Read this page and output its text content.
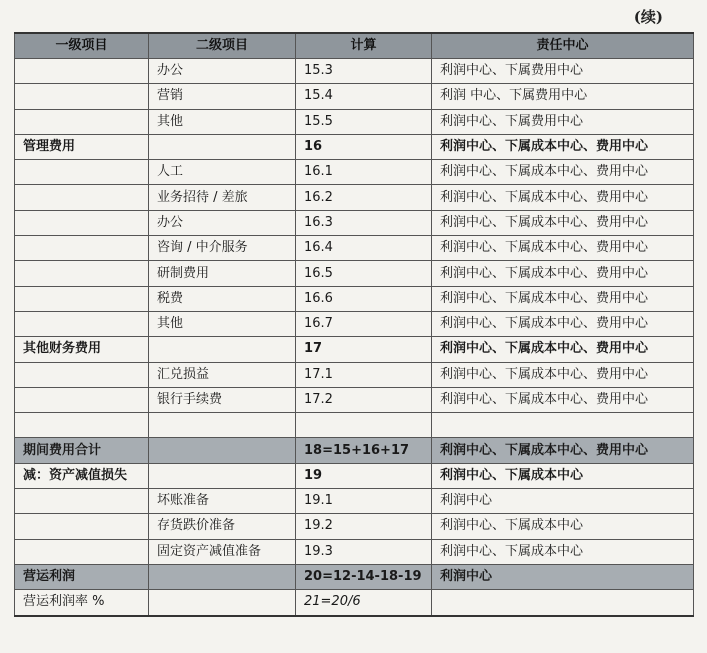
(续)
一级项目	二级项目	计算	责任中心
	办公	15.3	利润中心、下属费用中心
	营销	15.4	利润 中心、下属费用中心
	其他	15.5	利润中心、下属费用中心
管理费用		16	利润中心、下属成本中心、费用中心
	人工	16.1	利润中心、下属成本中心、费用中心
	业务招待 / 差旅	16.2	利润中心、下属成本中心、费用中心
	办公	16.3	利润中心、下属成本中心、费用中心
	咨询 / 中介服务	16.4	利润中心、下属成本中心、费用中心
	研制费用	16.5	利润中心、下属成本中心、费用中心
	税费	16.6	利润中心、下属成本中心、费用中心
	其他	16.7	利润中心、下属成本中心、费用中心
其他财务费用		17	利润中心、下属成本中心、费用中心
	汇兑损益	17.1	利润中心、下属成本中心、费用中心
	银行手续费	17.2	利润中心、下属成本中心、费用中心

期间费用合计		18=15+16+17	利润中心、下属成本中心、费用中心
减：资产减值损失		19	利润中心、下属成本中心
	坏账准备	19.1	利润中心
	存货跌价准备	19.2	利润中心、下属成本中心
	固定资产减值准备	19.3	利润中心、下属成本中心
营运利润		20=12-14-18-19	利润中心
营运利润率 %		21=20/6	
